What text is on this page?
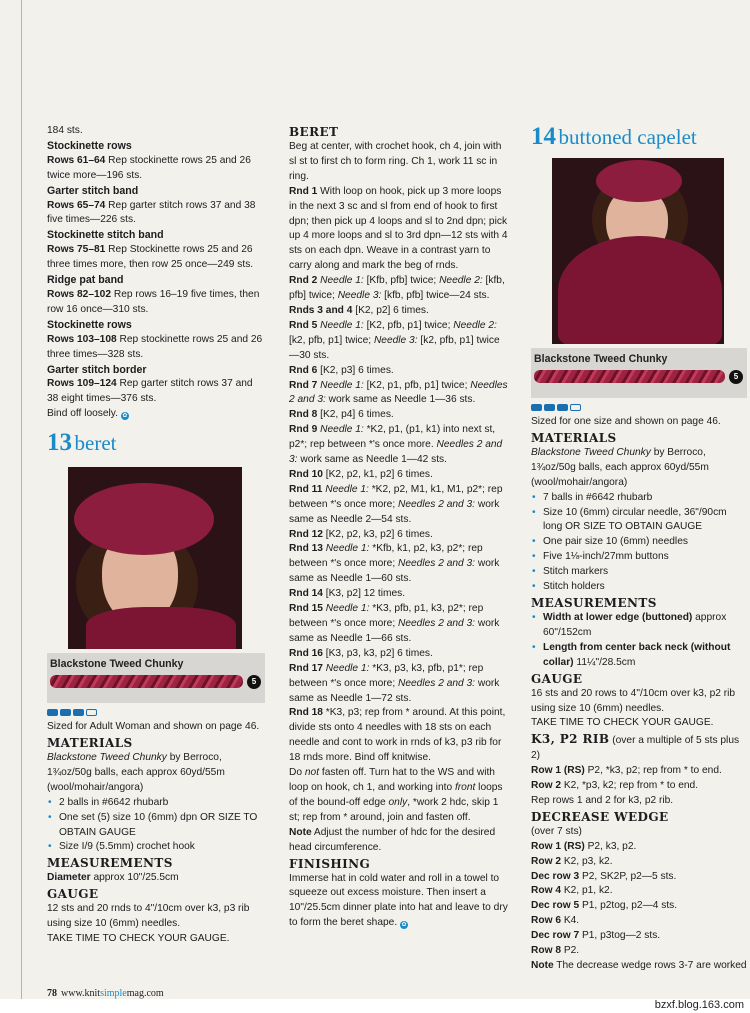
184 sts.

Stockinette rows

Rows 61–64 Rep stockinette rows 25 and 26 twice more—196 sts.

Garter stitch band

Rows 65–74 Rep garter stitch rows 37 and 38 five times—226 sts.

Stockinette stitch band

Rows 75–81 Rep Stockinette rows 25 and 26 three times more, then row 25 once—249 sts.

Ridge pat band

Rows 82–102 Rep rows 16–19 five times, then row 16 once—310 sts.

Stockinette rows

Rows 103–108 Rep stockinette rows 25 and 26 three times—328 sts.

Garter stitch border

Rows 109–124 Rep garter stitch rows 37 and 38 eight times—376 sts.

Bind off loosely. ✿

13 beret
Blackstone Tweed Chunky
5

Sized for Adult Woman and shown on page 46.

MATERIALS

Blackstone Tweed Chunky by Berroco, 1¾oz/50g balls, each approx 60yd/55m (wool/mohair/angora)

• 2 balls in #6642 rhubarb

• One set (5) size 10 (6mm) dpn OR SIZE TO OBTAIN GAUGE

• Size I/9 (5.5mm) crochet hook

MEASUREMENTS

Diameter approx 10"/25.5cm

GAUGE

12 sts and 20 rnds to 4"/10cm over k3, p3 rib using size 10 (6mm) needles.

TAKE TIME TO CHECK YOUR GAUGE.

BERET

Beg at center, with crochet hook, ch 4, join with sl st to first ch to form ring. Ch 1, work 11 sc in ring.

Rnd 1 With loop on hook, pick up 3 more loops in the next 3 sc and sl from end of hook to first dpn; then pick up 4 loops and sl to 2nd dpn; pick up 4 more loops and sl to 3rd dpn—12 sts with 4 sts on each dpn. Weave in a contrast yarn to carry along and mark the beg of rnds.

Rnd 2 Needle 1: [Kfb, pfb] twice; Needle 2: [kfb, pfb] twice; Needle 3: [kfb, pfb] twice—24 sts.

Rnds 3 and 4 [K2, p2] 6 times.

Rnd 5 Needle 1: [K2, pfb, p1] twice; Needle 2: [k2, pfb, p1] twice; Needle 3: [k2, pfb, p1] twice—30 sts.

Rnd 6 [K2, p3] 6 times.

Rnd 7 Needle 1: [K2, p1, pfb, p1] twice; Needles 2 and 3: work same as Needle 1—36 sts.

Rnd 8 [K2, p4] 6 times.

Rnd 9 Needle 1: *K2, p1, (p1, k1) into next st, p2*; rep between *'s once more. Needles 2 and 3: work same as Needle 1—42 sts.

Rnd 10 [K2, p2, k1, p2] 6 times.

Rnd 11 Needle 1: *K2, p2, M1, k1, M1, p2*; rep between *'s once more; Needles 2 and 3: work same as Needle 2—54 sts.

Rnd 12 [K2, p2, k3, p2] 6 times.

Rnd 13 Needle 1: *Kfb, k1, p2, k3, p2*; rep between *'s once more; Needles 2 and 3: work same as Needle 1—60 sts.

Rnd 14 [K3, p2] 12 times.

Rnd 15 Needle 1: *K3, pfb, p1, k3, p2*; rep between *'s once more; Needles 2 and 3: work same as Needle 1—66 sts.

Rnd 16 [K3, p3, k3, p2] 6 times.

Rnd 17 Needle 1: *K3, p3, k3, pfb, p1*; rep between *'s once more; Needles 2 and 3: work same as Needle 1—72 sts.

Rnd 18 *K3, p3; rep from * around. At this point, divide sts onto 4 needles with 18 sts on each needle and cont to work in rnds of k3, p3 rib for 18 rnds more. Bind off knitwise.

Do not fasten off. Turn hat to the WS and with loop on hook, ch 1, and working into front loops of the bound-off edge only, *work 2 hdc, skip 1 st; rep from * around, join and fasten off.

Note Adjust the number of hdc for the desired head circumference.

FINISHING

Immerse hat in cold water and roll in a towel to squeeze out excess moisture. Then insert a 10"/25.5cm dinner plate into hat and leave to dry to form the beret shape. ✿

14 buttoned capelet
Blackstone Tweed Chunky
5

Sized for one size and shown on page 46.

MATERIALS

Blackstone Tweed Chunky by Berroco, 1¾oz/50g balls, each approx 60yd/55m (wool/mohair/angora)

• 7 balls in #6642 rhubarb

• Size 10 (6mm) circular needle, 36"/90cm long OR SIZE TO OBTAIN GAUGE

• One pair size 10 (6mm) needles

• Five 1⅛-inch/27mm buttons

• Stitch markers

• Stitch holders

MEASUREMENTS

• Width at lower edge (buttoned) approx 60"/152cm

• Length from center back neck (without collar) 11¼"/28.5cm

GAUGE

16 sts and 20 rows to 4"/10cm over k3, p2 rib using size 10 (6mm) needles.

TAKE TIME TO CHECK YOUR GAUGE.

K3, P2 RIB (over a multiple of 5 sts plus 2)

Row 1 (RS) P2, *k3, p2; rep from * to end.

Row 2 K2, *p3, k2; rep from * to end.

Rep rows 1 and 2 for k3, p2 rib.

DECREASE WEDGE

(over 7 sts)

Row 1 (RS) P2, k3, p2.

Row 2 K2, p3, k2.

Dec row 3 P2, SK2P, p2—5 sts.

Row 4 K2, p1, k2.

Dec row 5 P1, p2tog, p2—4 sts.

Row 6 K4.

Dec row 7 P1, p3tog—2 sts.

Row 8 P2.

Note The decrease wedge rows 3-7 are worked

78 www.knitsimplemag.com
bzxf.blog.163.com
